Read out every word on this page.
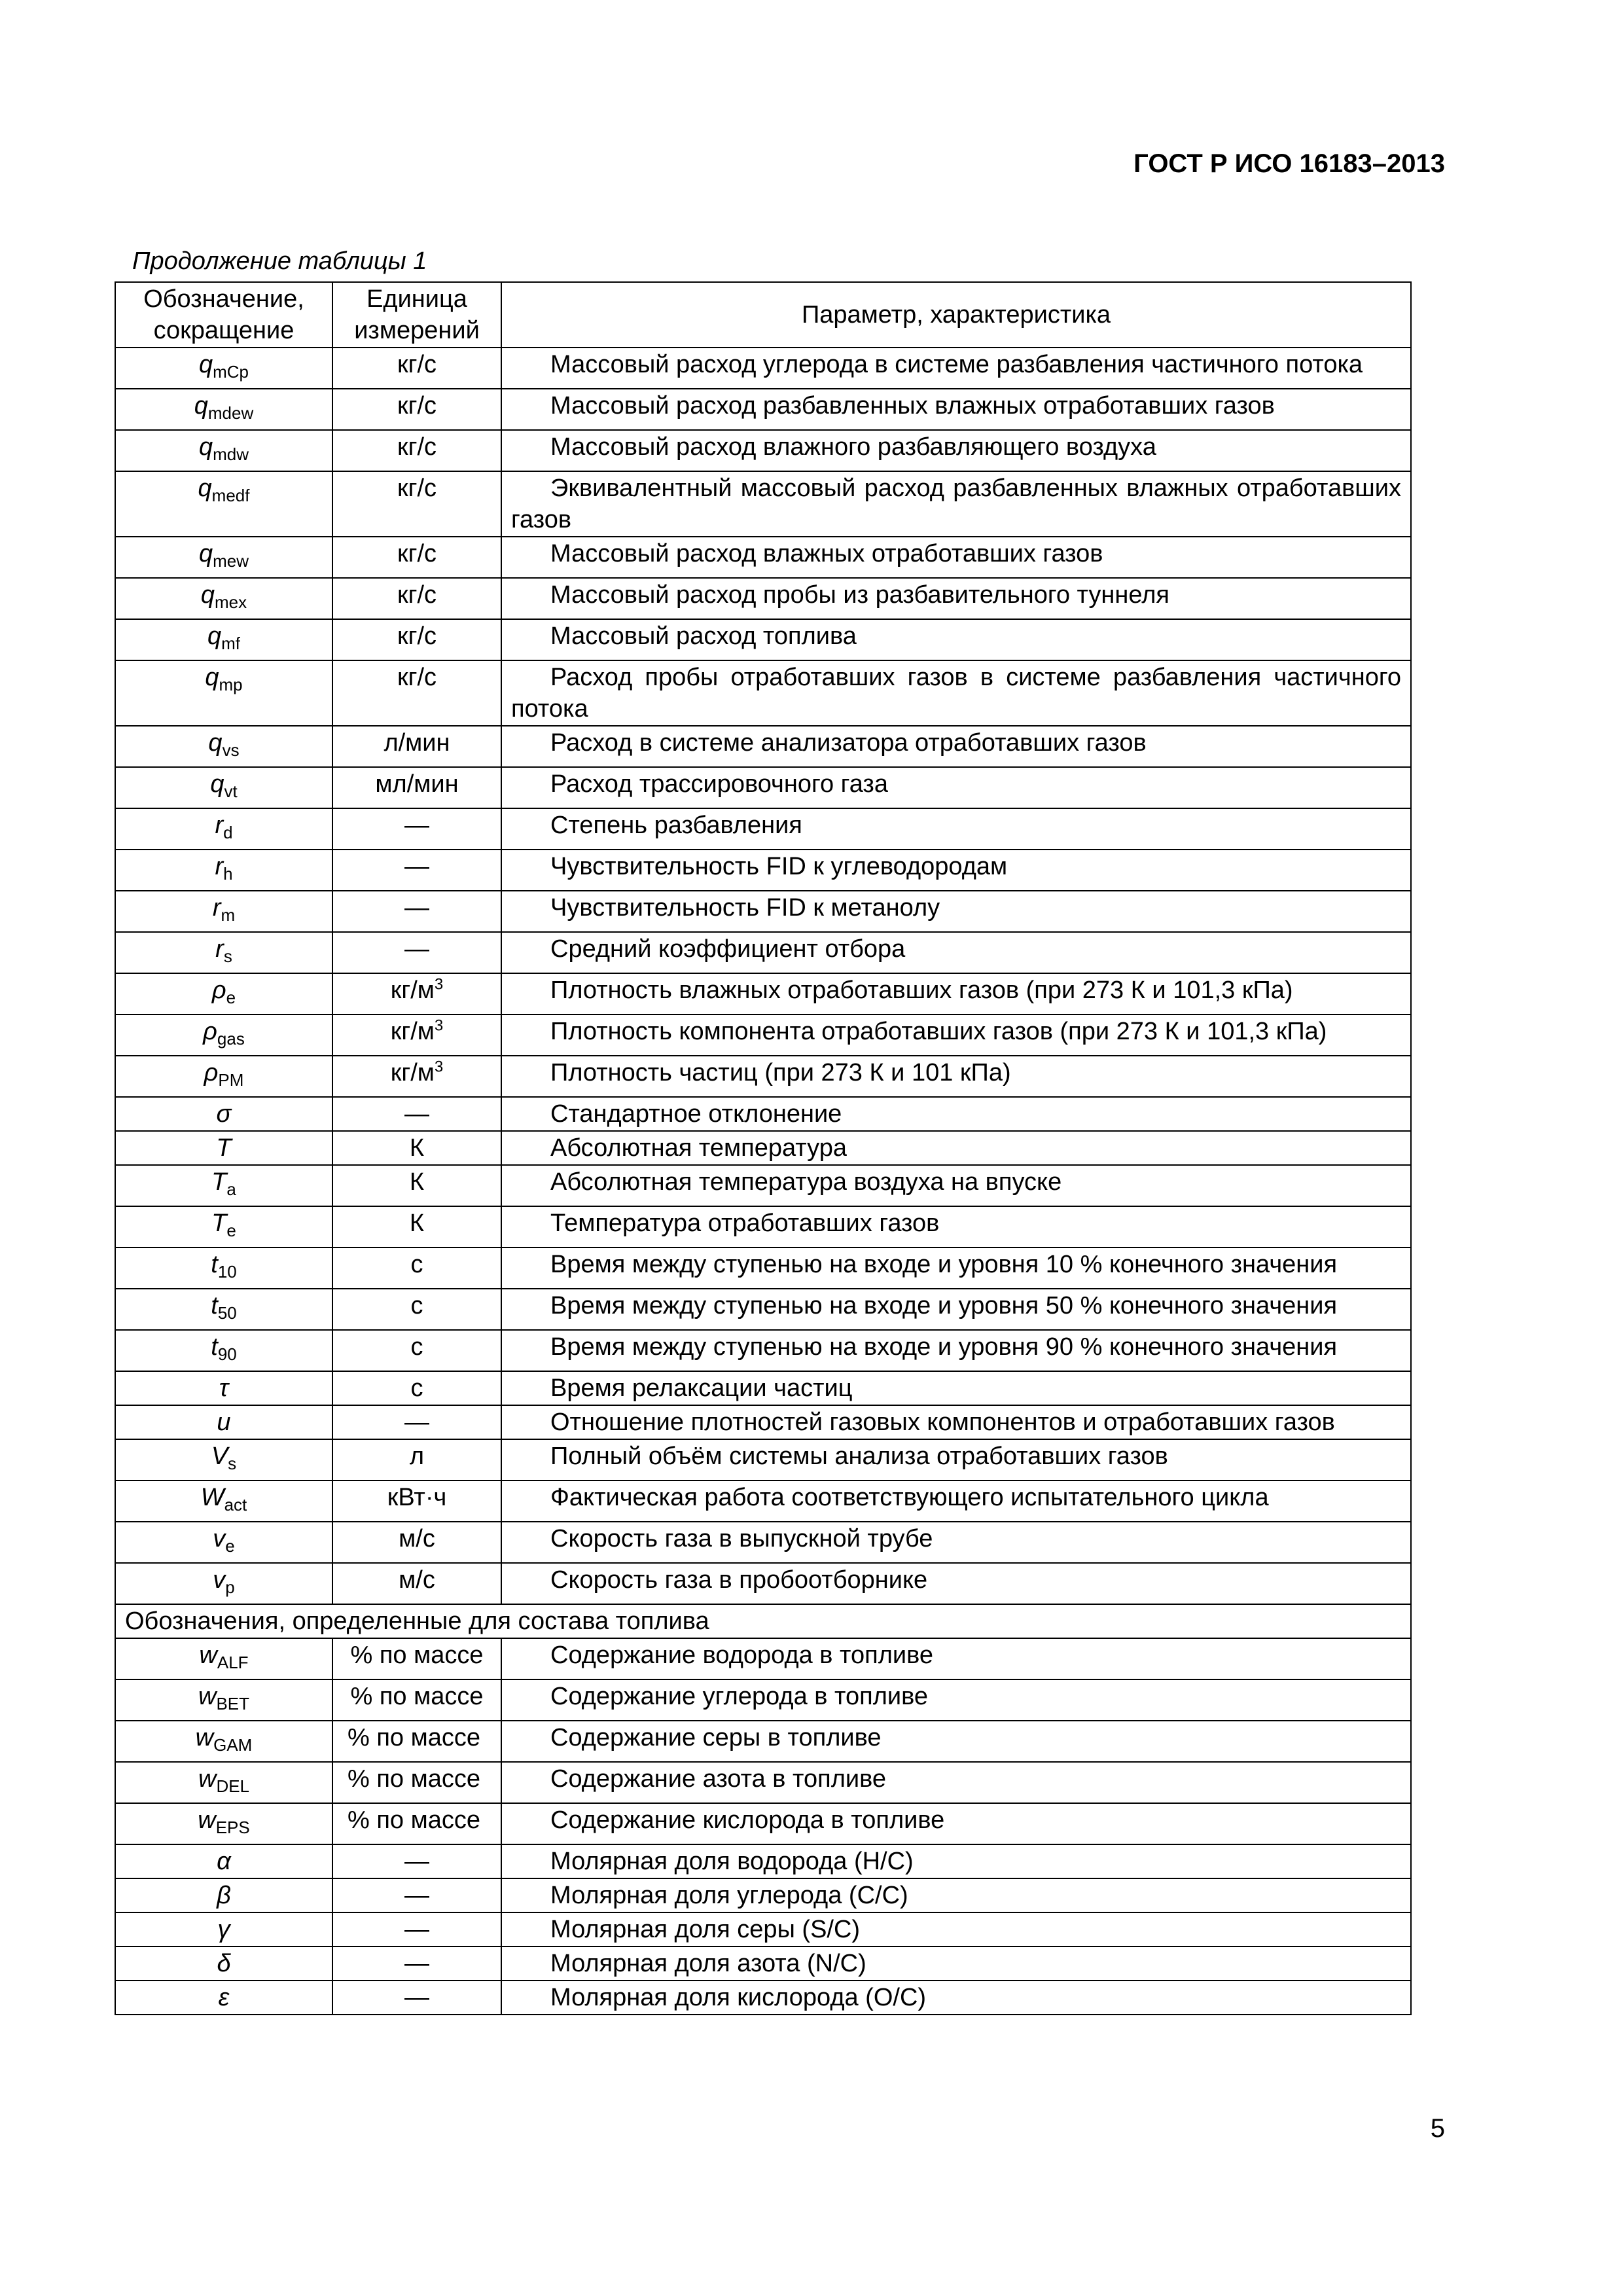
ГОСТ Р ИСО 16183–2013
Продолжение таблицы 1
Обозначение, сокращение	Единица измерений	Параметр, характеристика
$q_{mCp}$	кг/с	Массовый расход углерода в системе разбавления частичного потока

$q_{mdew}$	кг/с	Массовый расход разбавленных влажных отработавших газов

$q_{mdw}$	кг/с	Массовый расход влажного разбавляющего воздуха

$q_{medf}$	кг/с	Эквивалентный массовый расход разбавленных влажных отработавших газов

$q_{mew}$	кг/с	Массовый расход влажных отработавших газов

$q_{mex}$	кг/с	Массовый расход пробы из разбавительного туннеля

$q_{mf}$	кг/с	Массовый расход топлива

$q_{mp}$	кг/с	Расход пробы отработавших газов в системе разбавления частичного потока

$q_{vs}$	л/мин	Расход в системе анализатора отработавших газов

$q_{vt}$	мл/мин	Расход трассировочного газа

$r_d$	—	Степень разбавления

$r_h$	—	Чувствительность FID к углеводородам

$r_m$	—	Чувствительность FID к метанолу

$r_s$	—	Средний коэффициент отбора

$\rho_e$	$кг/м^3$	Плотность влажных отработавших газов (при 273 К и 101,3 кПа)

$\rho_{gas}$	$кг/м^3$	Плотность компонента отработавших газов (при 273 К и 101,3 кПа)

$\rho_{PM}$	$кг/м^3$	Плотность частиц (при 273 К и 101 кПа)

σ	—	Стандартное отклонение

T	К	Абсолютная температура

$T_a$	К	Абсолютная температура воздуха на впуске

$T_e$	К	Температура отработавших газов

$t_{10}$	с	Время между ступенью на входе и уровня 10 % конечного значения

$t_{50}$	с	Время между ступенью на входе и уровня 50 % конечного значения

$t_{90}$	с	Время между ступенью на входе и уровня 90 % конечного значения

τ	с	Время релаксации частиц

u	—	Отношение плотностей газовых компонентов и отработавших газов

$V_s$	л	Полный объём системы анализа отработавших газов

$W_{act}$	кВт·ч	Фактическая работа соответствующего испытательного цикла

$v_e$	м/с	Скорость газа в выпускной трубе

$v_p$	м/с	Скорость газа в пробоотборнике

Обозначения, определенные для состава топлива		
$w_{ALF}$	% по массе	Содержание водорода в топливе

$w_{BET}$	% по массе	Содержание углерода в топливе

$w_{GAM}$	% по массе	Содержание серы в топливе

$w_{DEL}$	% по массе	Содержание азота в топливе

$w_{EPS}$	% по массе	Содержание кислорода в топливе

α	—	Молярная доля водорода (Н/С)

β	—	Молярная доля углерода (С/С)

γ	—	Молярная доля серы (S/C)

δ	—	Молярная доля азота (N/C)

ε	—	Молярная доля кислорода (О/С)
5
